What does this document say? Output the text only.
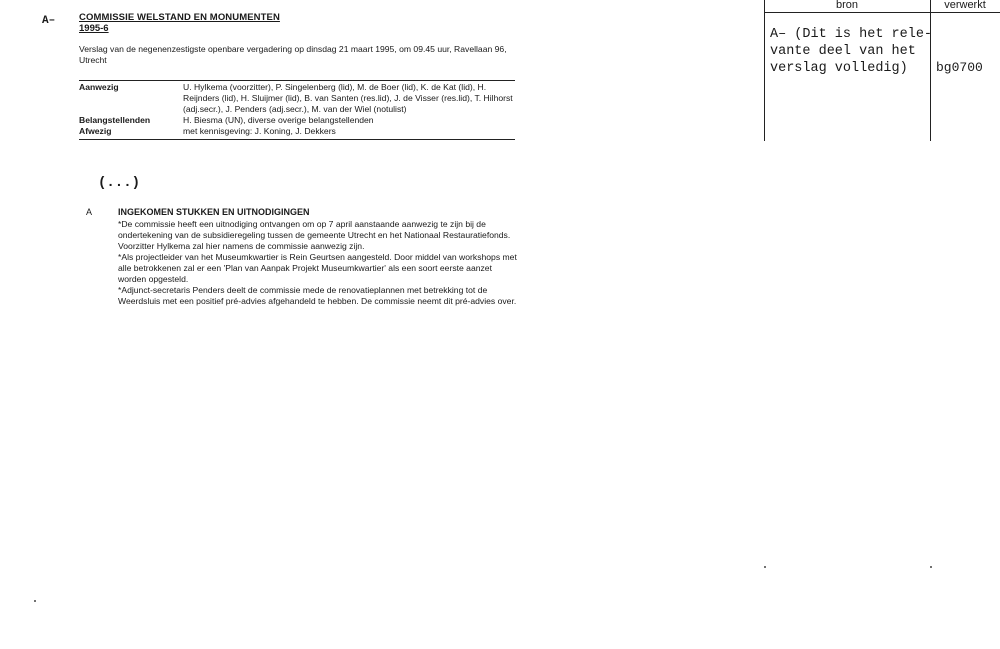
A–	COMMISSIE WELSTAND EN MONUMENTEN
1995-6
Verslag van de negenenzestigste openbare vergadering op dinsdag 21 maart 1995, om 09.45 uur, Ravellaan 96, Utrecht
Aanwezig	U. Hylkema (voorzitter), P. Singelenberg (lid), M. de Boer (lid), K. de Kat (lid), H. Reijnders (lid), H. Sluijmer (lid), B. van Santen (res.lid), J. de Visser (res.lid), T. Hilhorst (adj.secr.), J. Penders (adj.secr.), M. van der Wiel (notulist)
Belangstellenden	H. Biesma (UN), diverse overige belangstellenden
Afwezig	met kennisgeving: J. Koning, J. Dekkers
(...)
A	INGEKOMEN STUKKEN EN UITNODIGINGEN

*De commissie heeft een uitnodiging ontvangen om op 7 april aanstaande aanwezig te zijn bij de ondertekening van de subsidieregeling tussen de gemeente Utrecht en het Nationaal Restauratiefonds. Voorzitter Hylkema zal hier namens de commissie aanwezig zijn.

*Als projectleider van het Museumkwartier is Rein Geurtsen aangesteld. Door middel van workshops met alle betrokkenen zal er een 'Plan van Aanpak Projekt Museumkwartier' als een soort eerste aanzet worden opgesteld.

*Adjunct-secretaris Penders deelt de commissie mede de renovatieplannen met betrekking tot de Weerdsluis met een positief pré-advies afgehandeld te hebben. De commissie neemt dit pré-advies over.

bron	verwerkt
A– (Dit is het rele-
vante deel van het
verslag volledig)	bg0700
